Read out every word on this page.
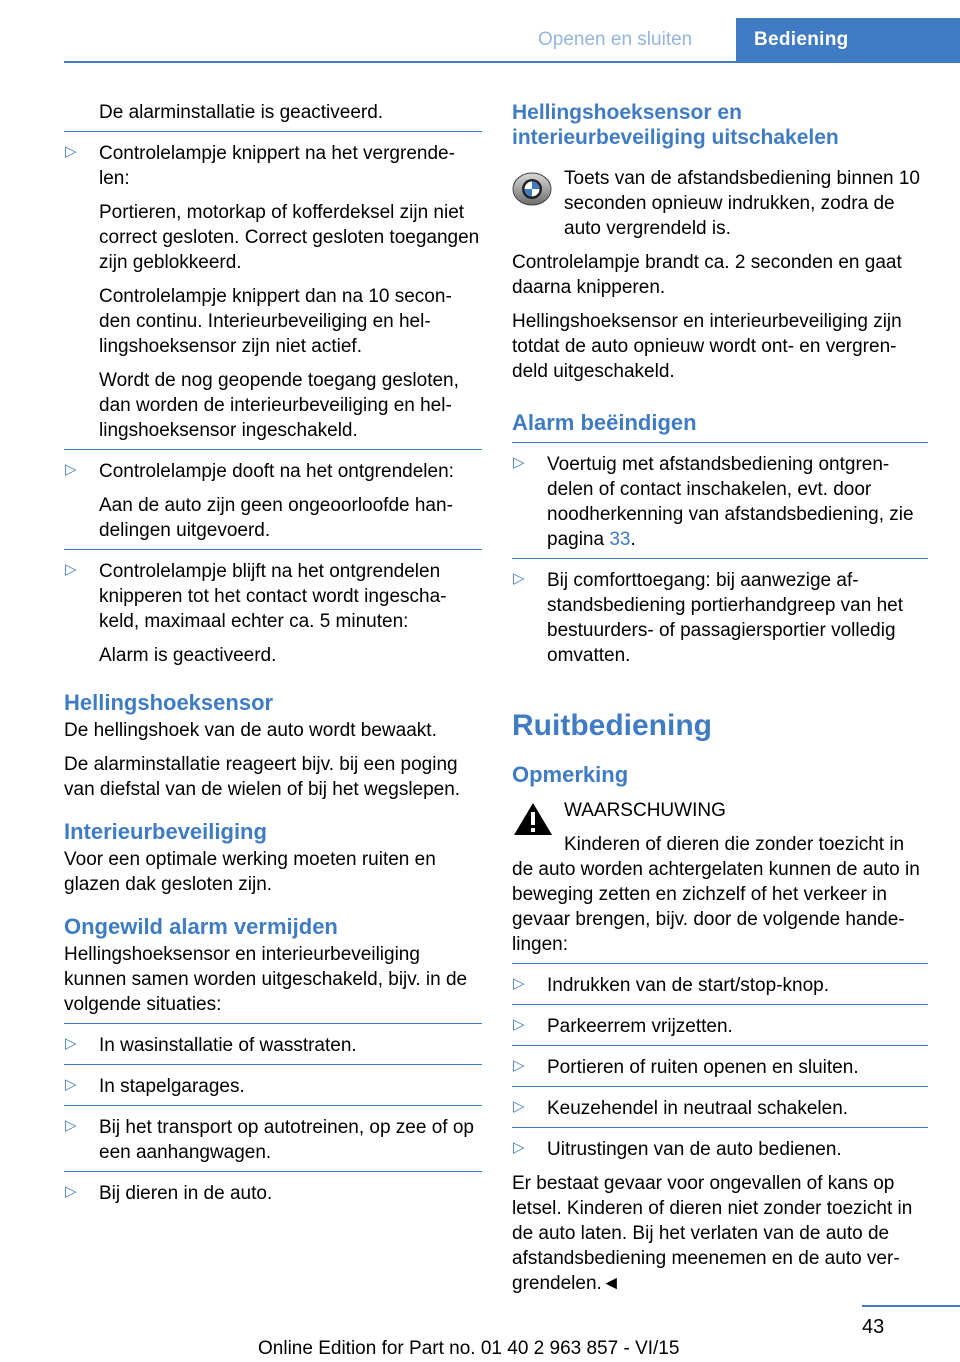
Openen en sluiten	Bediening

De alarminstallatie is geactiveerd.

▷ Controlelampje knippert na het vergrende-len:

Portieren, motorkap of kofferdeksel zijn niet correct gesloten. Correct gesloten toegangen zijn geblokkeerd.

Controlelampje knippert dan na 10 secon-den continu. Interieurbeveiliging en hel-lingshoeksensor zijn niet actief.

Wordt de nog geopende toegang gesloten, dan worden de interieurbeveiliging en hel-lingshoeksensor ingeschakeld.

▷ Controlelampje dooft na het ontgrendelen:

Aan de auto zijn geen ongeoorloofde han-delingen uitgevoerd.

▷ Controlelampje blijft na het ontgrendelen knipperen tot het contact wordt ingescha-keld, maximaal echter ca. 5 minuten:

Alarm is geactiveerd.

Hellingshoeksensor

De hellingshoek van de auto wordt bewaakt.

De alarminstallatie reageert bijv. bij een poging van diefstal van de wielen of bij het wegslepen.

Interieurbeveiliging

Voor een optimale werking moeten ruiten en glazen dak gesloten zijn.

Ongewild alarm vermijden

Hellingshoeksensor en interieurbeveiliging kunnen samen worden uitgeschakeld, bijv. in de volgende situaties:

▷ In wasinstallatie of wasstraten.

▷ In stapelgarages.

▷ Bij het transport op autotreinen, op zee of op een aanhangwagen.

▷ Bij dieren in de auto.

Hellingshoeksensor en interieurbeveiliging uitschakelen

Toets van de afstandsbediening binnen 10 seconden opnieuw indrukken, zodra de auto vergrendeld is.

Controlelampje brandt ca. 2 seconden en gaat daarna knipperen.

Hellingshoeksensor en interieurbeveiliging zijn totdat de auto opnieuw wordt ont- en vergren-deld uitgeschakeld.

Alarm beëindigen
▷ Voertuig met afstandsbediening ontgren-delen of contact inschakelen, evt. door noodherkenning van afstandsbediening, zie pagina 33.

▷ Bij comforttoegang: bij aanwezige af-standsbediening portierhandgreep van het bestuurders- of passagiersportier volledig omvatten.

Ruitbediening
Opmerking

WAARSCHUWING

Kinderen of dieren die zonder toezicht in de auto worden achtergelaten kunnen de auto in beweging zetten en zichzelf of het verkeer in gevaar brengen, bijv. door de volgende hande-lingen:

▷ Indrukken van de start/stop-knop.

▷ Parkeerrem vrijzetten.

▷ Portieren of ruiten openen en sluiten.

▷ Keuzehendel in neutraal schakelen.

▷ Uitrustingen van de auto bedienen.

Er bestaat gevaar voor ongevallen of kans op letsel. Kinderen of dieren niet zonder toezicht in de auto laten. Bij het verlaten van de auto de afstandsbediening meenemen en de auto ver-grendelen.◄

43
Online Edition for Part no. 01 40 2 963 857 - VI/15
